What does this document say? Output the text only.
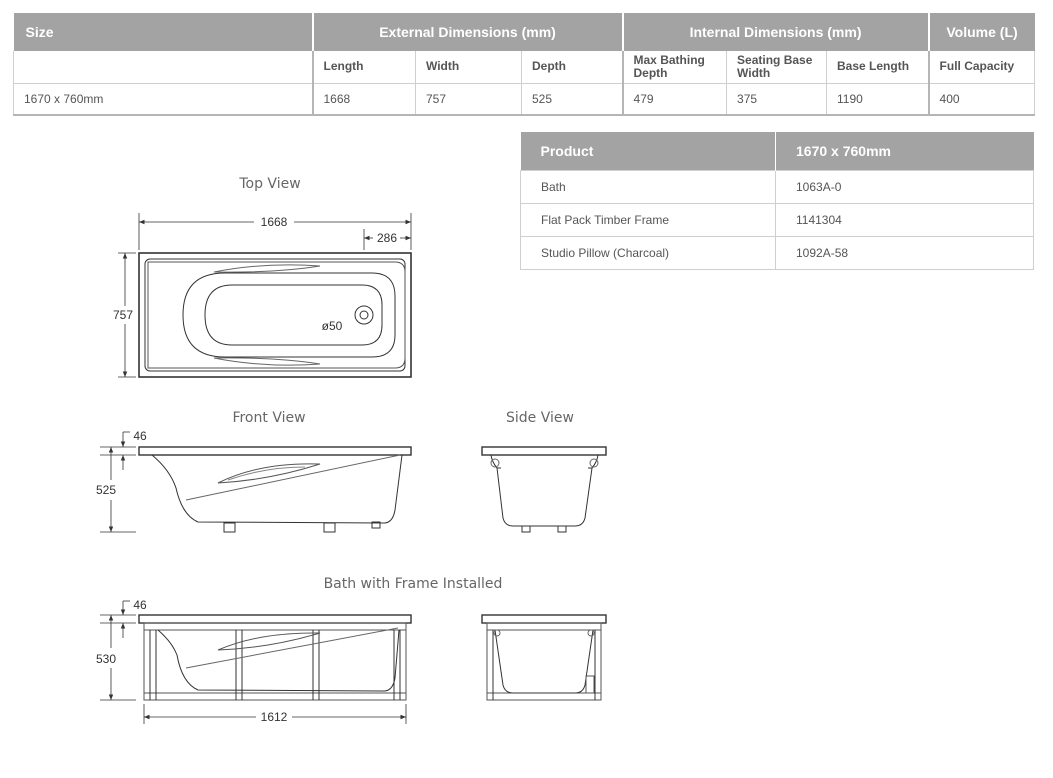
Size	External Dimensions (mm)			Internal Dimensions (mm)			Volume (L)
	Length	Width	Depth	Max Bathing Depth	Seating Base Width	Base Length	Full Capacity
1670 x 760mm	1668	757	525	479	375	1190	400
Product	1670 x 760mm
Bath	1063A-0
Flat Pack Timber Frame	1141304
Studio Pillow (Charcoal)	1092A-58
Top View
Front View	Side View
Bath with Frame Installed
1668
286
757
ø50
46
525
46
530
1612
